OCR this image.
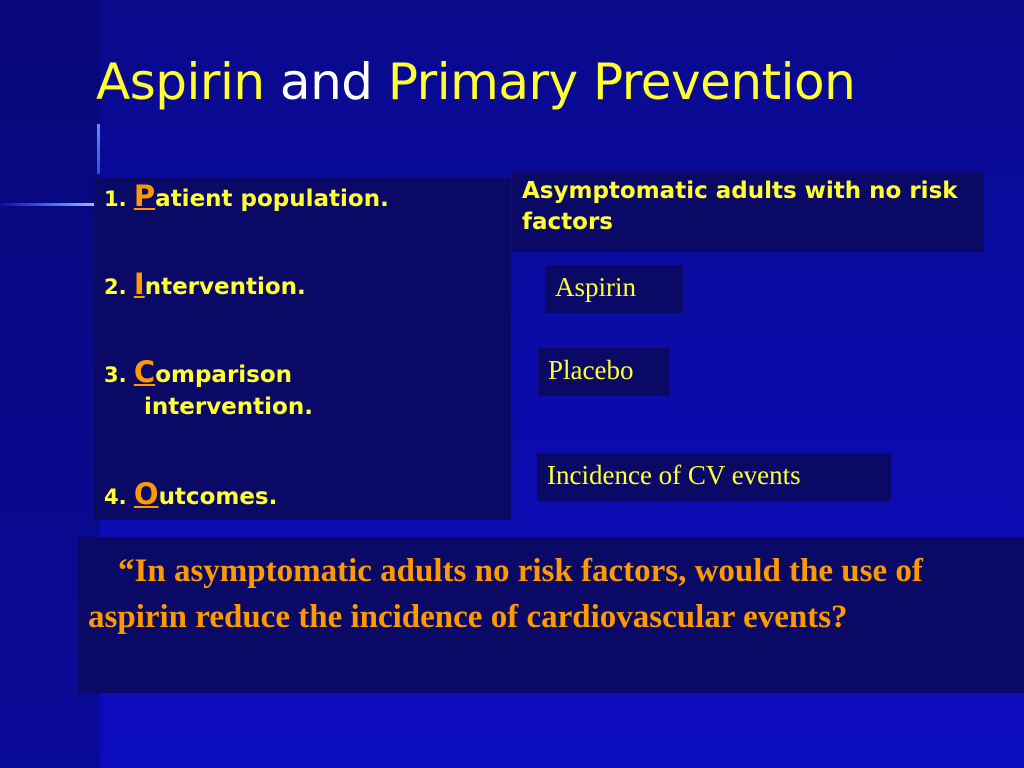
Aspirin and Primary Prevention

1. Patient population.

2. Intervention.

3. Comparison
intervention.

4. Outcomes.

Asymptomatic adults with no risk factors

Aspirin
Placebo
Incidence of CV events

“In asymptomatic adults no risk factors, would the use of aspirin reduce the incidence of cardiovascular events?
